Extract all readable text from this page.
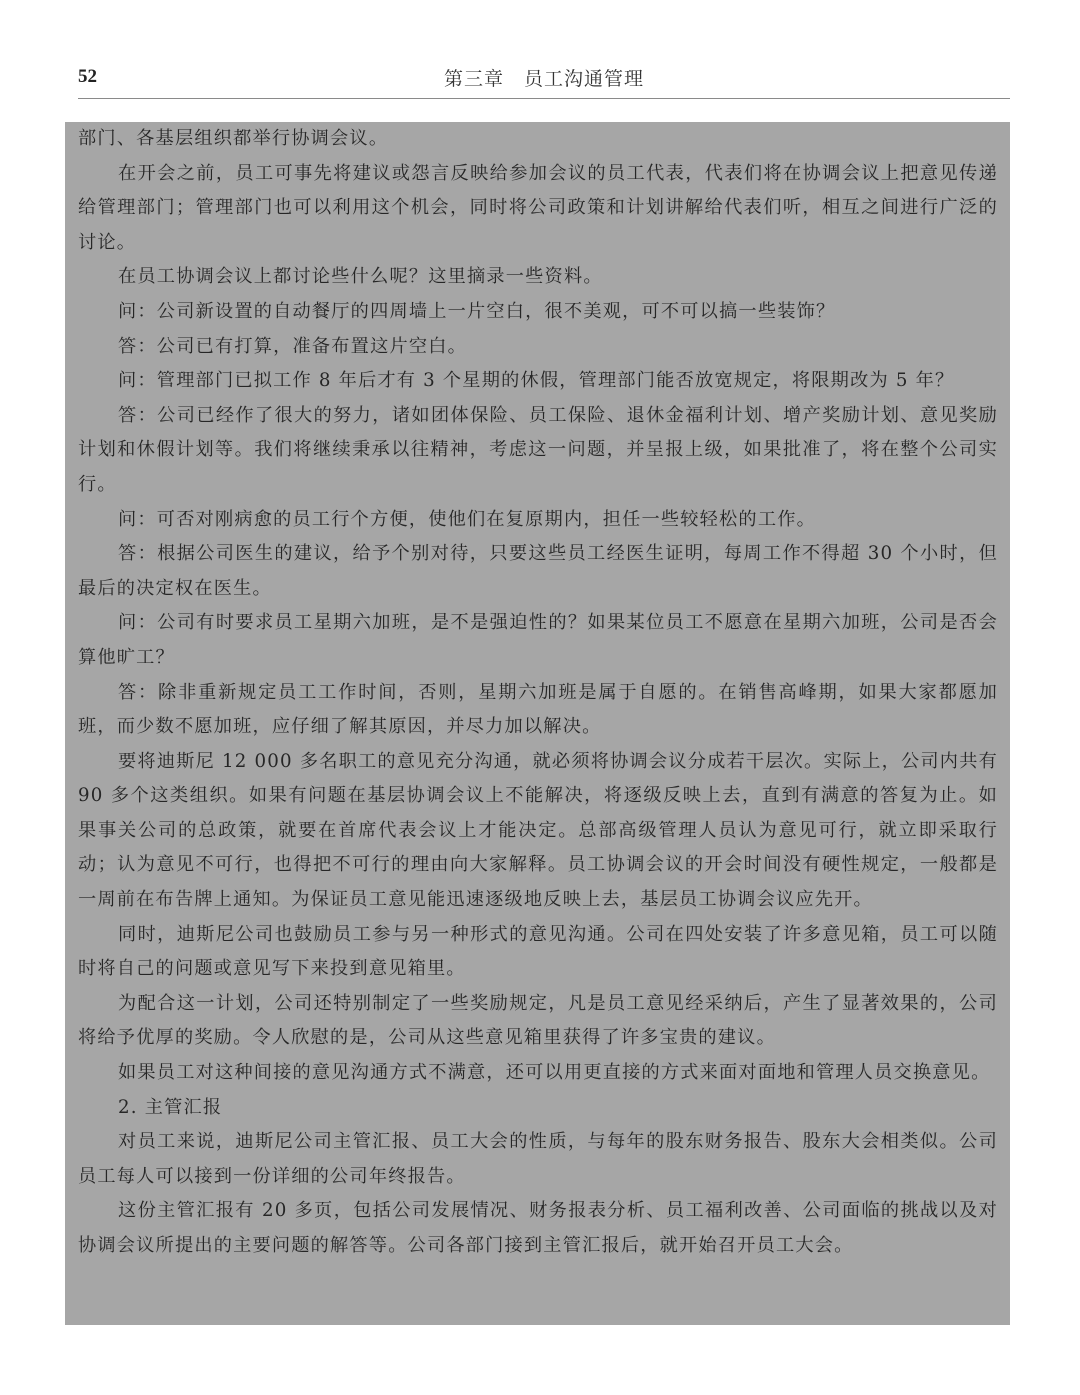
52	第三章　员工沟通管理

部门、各基层组织都举行协调会议。

在开会之前，员工可事先将建议或怨言反映给参加会议的员工代表，代表们将在协调会议上把意见传递给管理部门；管理部门也可以利用这个机会，同时将公司政策和计划讲解给代表们听，相互之间进行广泛的讨论。

在员工协调会议上都讨论些什么呢？这里摘录一些资料。

问：公司新设置的自动餐厅的四周墙上一片空白，很不美观，可不可以搞一些装饰？

答：公司已有打算，准备布置这片空白。

问：管理部门已拟工作 8 年后才有 3 个星期的休假，管理部门能否放宽规定，将限期改为 5 年？

答：公司已经作了很大的努力，诸如团体保险、员工保险、退休金福利计划、增产奖励计划、意见奖励计划和休假计划等。我们将继续秉承以往精神，考虑这一问题，并呈报上级，如果批准了，将在整个公司实行。

问：可否对刚病愈的员工行个方便，使他们在复原期内，担任一些较轻松的工作。

答：根据公司医生的建议，给予个别对待，只要这些员工经医生证明，每周工作不得超 30 个小时，但最后的决定权在医生。

问：公司有时要求员工星期六加班，是不是强迫性的？如果某位员工不愿意在星期六加班，公司是否会算他旷工？

答：除非重新规定员工工作时间，否则，星期六加班是属于自愿的。在销售高峰期，如果大家都愿加班，而少数不愿加班，应仔细了解其原因，并尽力加以解决。

要将迪斯尼 12 000 多名职工的意见充分沟通，就必须将协调会议分成若干层次。实际上，公司内共有 90 多个这类组织。如果有问题在基层协调会议上不能解决，将逐级反映上去，直到有满意的答复为止。如果事关公司的总政策，就要在首席代表会议上才能决定。总部高级管理人员认为意见可行，就立即采取行动；认为意见不可行，也得把不可行的理由向大家解释。员工协调会议的开会时间没有硬性规定，一般都是一周前在布告牌上通知。为保证员工意见能迅速逐级地反映上去，基层员工协调会议应先开。

同时，迪斯尼公司也鼓励员工参与另一种形式的意见沟通。公司在四处安装了许多意见箱，员工可以随时将自己的问题或意见写下来投到意见箱里。

为配合这一计划，公司还特别制定了一些奖励规定，凡是员工意见经采纳后，产生了显著效果的，公司将给予优厚的奖励。令人欣慰的是，公司从这些意见箱里获得了许多宝贵的建议。

如果员工对这种间接的意见沟通方式不满意，还可以用更直接的方式来面对面地和管理人员交换意见。

2. 主管汇报

对员工来说，迪斯尼公司主管汇报、员工大会的性质，与每年的股东财务报告、股东大会相类似。公司员工每人可以接到一份详细的公司年终报告。

这份主管汇报有 20 多页，包括公司发展情况、财务报表分析、员工福利改善、公司面临的挑战以及对协调会议所提出的主要问题的解答等。公司各部门接到主管汇报后，就开始召开员工大会。
